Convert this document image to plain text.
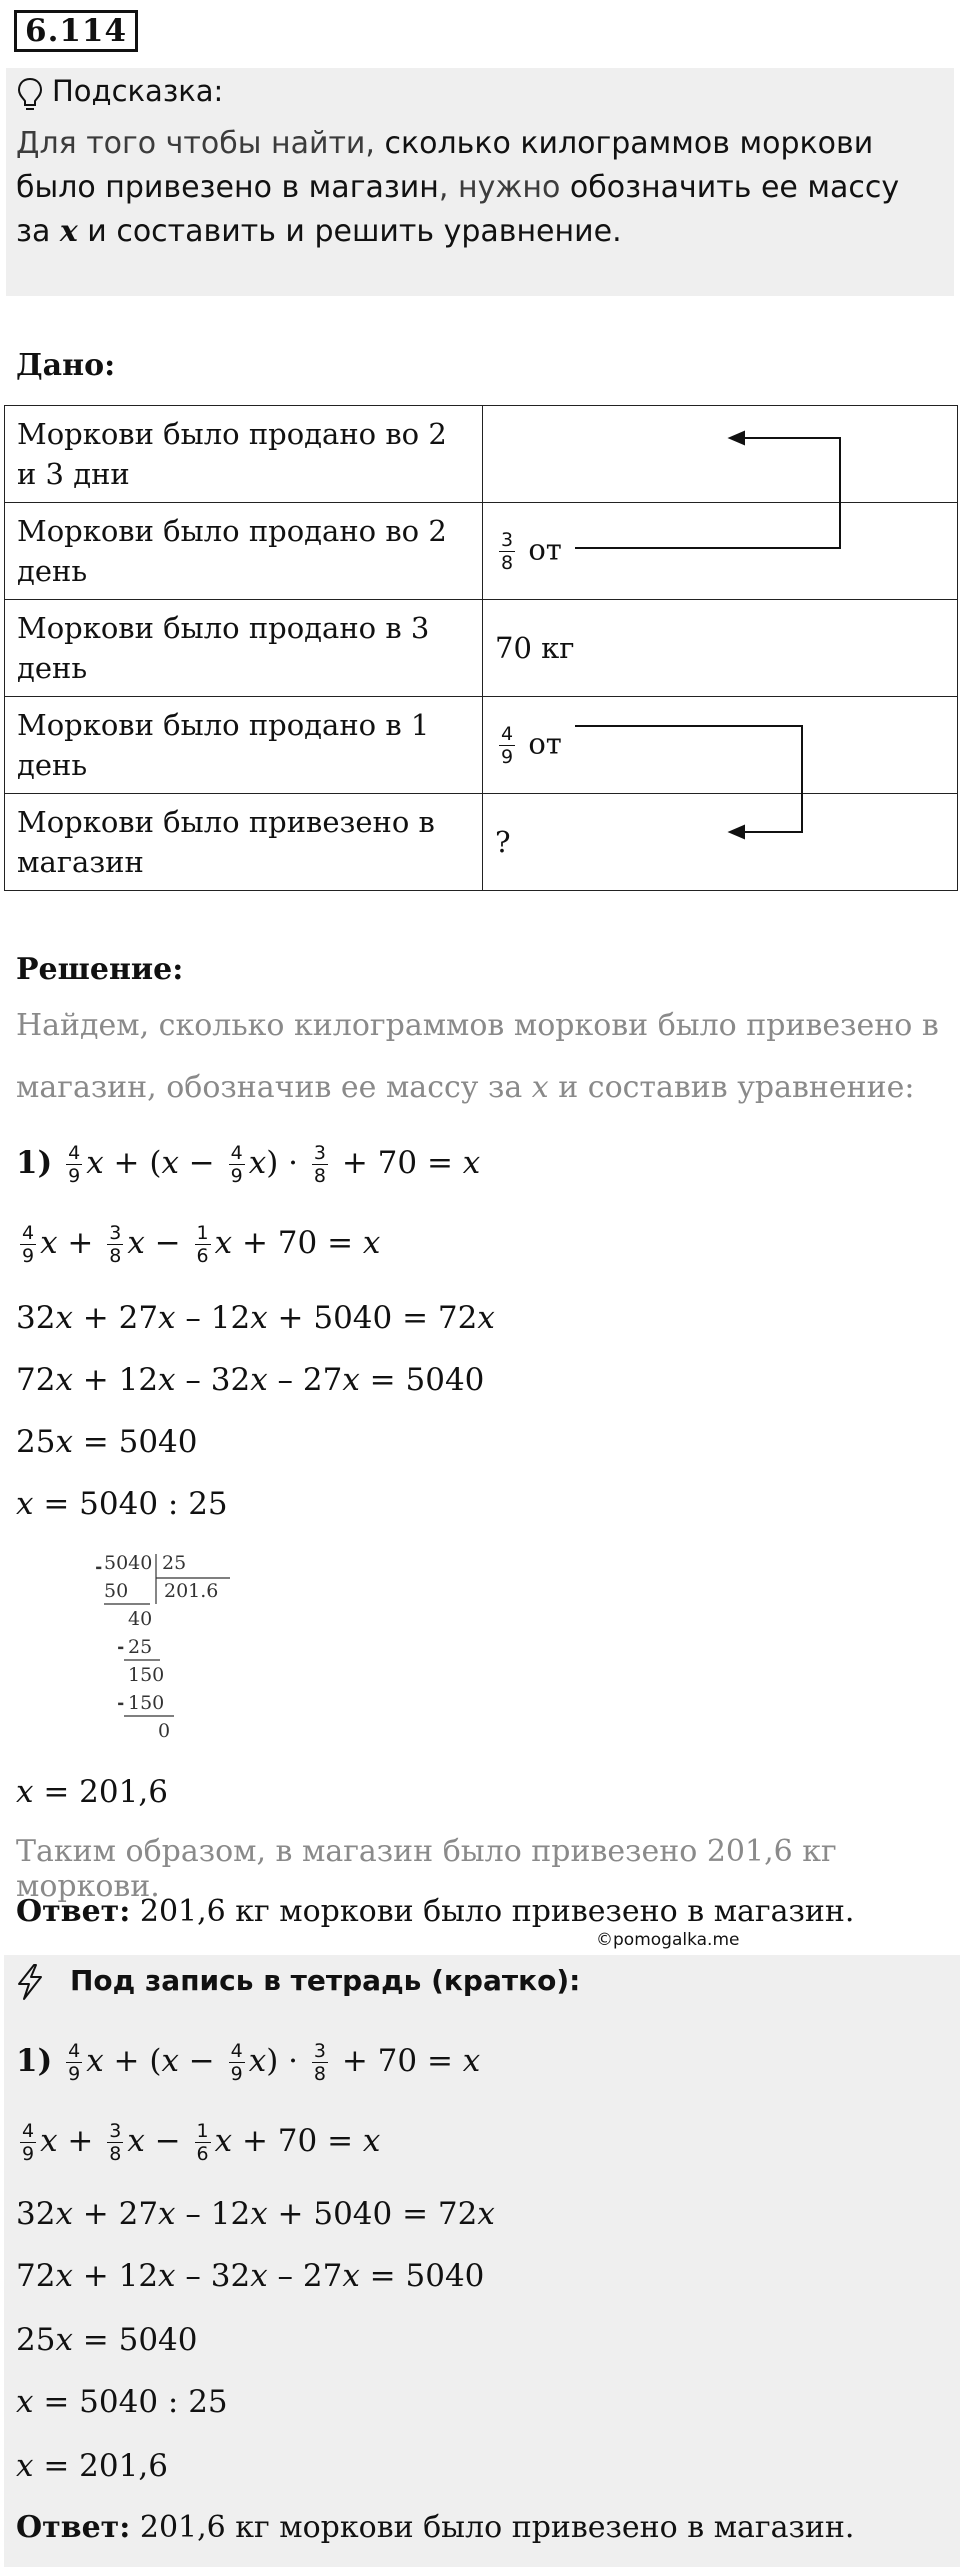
6.114
Подсказка:
Для того чтобы найти, сколько килограммов моркови было привезено в магазин, нужно обозначить ее массу за x и составить и решить уравнение.
Дано:
Моркови было продано во 2 и 3 дни	
Моркови было продано во 2 день	$\frac{3}{8}$ от
Моркови было продано в 3 день	70 кг
Моркови было продано в 1 день	$\frac{4}{9}$ от
Моркови было привезено в магазин	?
Решение:
Найдем, сколько килограммов моркови было привезено в
магазин, обозначив ее массу за x и составив уравнение:
$1) \frac{4}{9}$ $x + (x - \frac{4}{9} x) \cdot \frac{3}{8} + 70 = x$
$\frac{4}{9}$ $x + \frac{3}{8}$ $x - \frac{1}{6}$ x + 70 = x
32𝑥 + 27𝑥 – 12𝑥 + 5040 = 72𝑥
72𝑥 + 12𝑥 – 32𝑥 – 27𝑥 = 5040
25𝑥 = 5040
𝑥 = 5040 : 25
5040 25
201.6
50
40
25
150
150
0
-
-
-
𝑥 = 201,6
Таким образом, в магазин было привезено 201,6 кг моркови.
Ответ: 201,6 кг моркови было привезено в магазин.
©pomogalka.me
Под запись в тетрадь (кратко):
$1) \frac{4}{9}$ $x + (x - \frac{4}{9} x) \cdot \frac{3}{8} + 70 = x$
$\frac{4}{9}$ $x + \frac{3}{8}$ $x - \frac{1}{6}$ x + 70 = x
32𝑥 + 27𝑥 – 12𝑥 + 5040 = 72𝑥
72𝑥 + 12𝑥 – 32𝑥 – 27𝑥 = 5040
25𝑥 = 5040
𝑥 = 5040 : 25
𝑥 = 201,6
Ответ: 201,6 кг моркови было привезено в магазин.
